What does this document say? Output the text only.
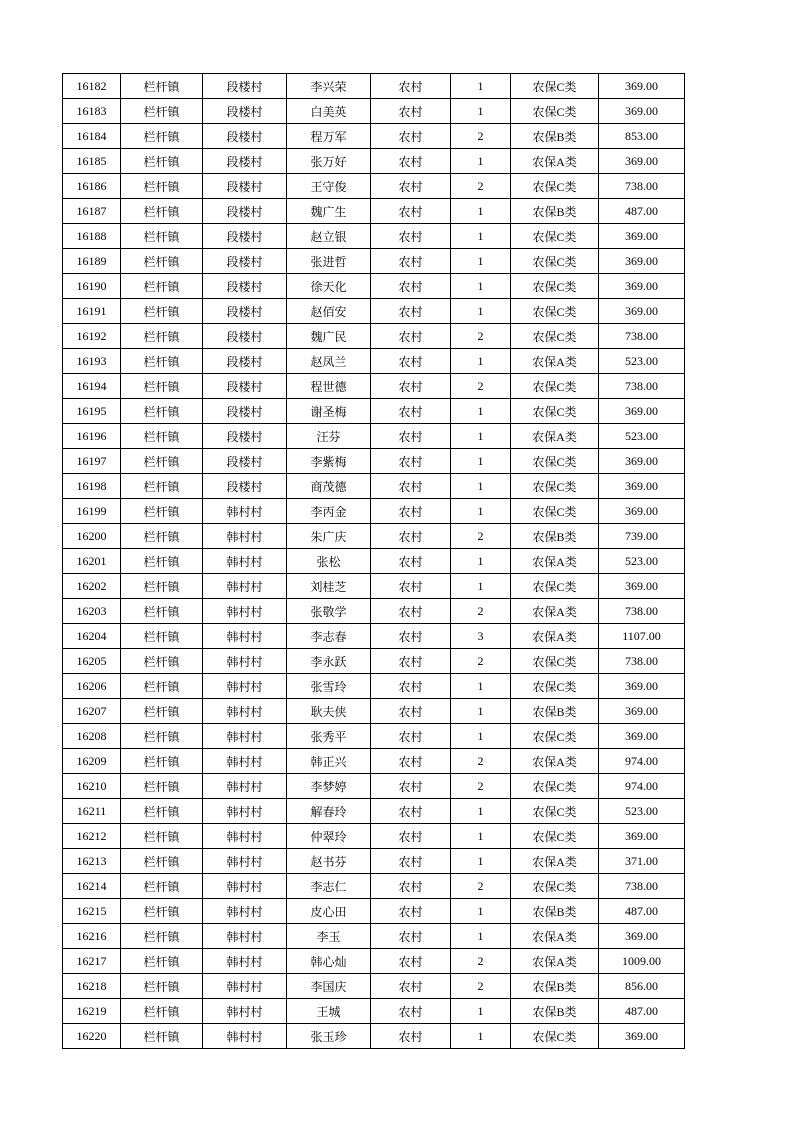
16182	栏杆镇	段楼村	李兴荣	农村	1	农保C类	369.00
16183	栏杆镇	段楼村	白美英	农村	1	农保C类	369.00
16184	栏杆镇	段楼村	程万军	农村	2	农保B类	853.00
16185	栏杆镇	段楼村	张万好	农村	1	农保A类	369.00
16186	栏杆镇	段楼村	王守俊	农村	2	农保C类	738.00
16187	栏杆镇	段楼村	魏广生	农村	1	农保B类	487.00
16188	栏杆镇	段楼村	赵立银	农村	1	农保C类	369.00
16189	栏杆镇	段楼村	张进哲	农村	1	农保C类	369.00
16190	栏杆镇	段楼村	徐天化	农村	1	农保C类	369.00
16191	栏杆镇	段楼村	赵佰安	农村	1	农保C类	369.00
16192	栏杆镇	段楼村	魏广民	农村	2	农保C类	738.00
16193	栏杆镇	段楼村	赵凤兰	农村	1	农保A类	523.00
16194	栏杆镇	段楼村	程世德	农村	2	农保C类	738.00
16195	栏杆镇	段楼村	谢圣梅	农村	1	农保C类	369.00
16196	栏杆镇	段楼村	汪芬	农村	1	农保A类	523.00
16197	栏杆镇	段楼村	李紫梅	农村	1	农保C类	369.00
16198	栏杆镇	段楼村	商茂德	农村	1	农保C类	369.00
16199	栏杆镇	韩村村	李丙金	农村	1	农保C类	369.00
16200	栏杆镇	韩村村	朱广庆	农村	2	农保B类	739.00
16201	栏杆镇	韩村村	张松	农村	1	农保A类	523.00
16202	栏杆镇	韩村村	刘桂芝	农村	1	农保C类	369.00
16203	栏杆镇	韩村村	张敬学	农村	2	农保A类	738.00
16204	栏杆镇	韩村村	李志春	农村	3	农保A类	1107.00
16205	栏杆镇	韩村村	李永跃	农村	2	农保C类	738.00
16206	栏杆镇	韩村村	张雪玲	农村	1	农保C类	369.00
16207	栏杆镇	韩村村	耿夫侠	农村	1	农保B类	369.00
16208	栏杆镇	韩村村	张秀平	农村	1	农保C类	369.00
16209	栏杆镇	韩村村	韩正兴	农村	2	农保A类	974.00
16210	栏杆镇	韩村村	李梦婷	农村	2	农保C类	974.00
16211	栏杆镇	韩村村	解春玲	农村	1	农保C类	523.00
16212	栏杆镇	韩村村	仲翠玲	农村	1	农保C类	369.00
16213	栏杆镇	韩村村	赵书芬	农村	1	农保A类	371.00
16214	栏杆镇	韩村村	李志仁	农村	2	农保C类	738.00
16215	栏杆镇	韩村村	皮心田	农村	1	农保B类	487.00
16216	栏杆镇	韩村村	李玉	农村	1	农保A类	369.00
16217	栏杆镇	韩村村	韩心灿	农村	2	农保A类	1009.00
16218	栏杆镇	韩村村	李国庆	农村	2	农保B类	856.00
16219	栏杆镇	韩村村	王城	农村	1	农保B类	487.00
16220	栏杆镇	韩村村	张玉珍	农村	1	农保C类	369.00
